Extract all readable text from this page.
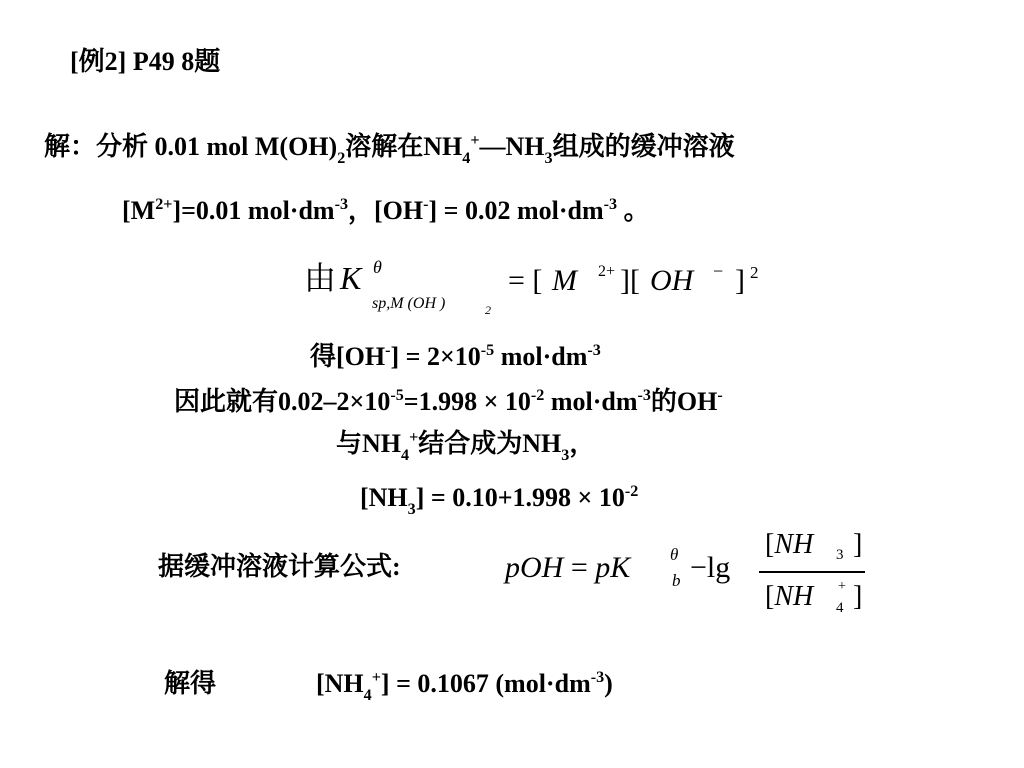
[例2] P49 8题
解：分析 0.01 mol $M(OH)_2$溶解在$NH_4^+—NH_3$组成的缓冲溶液
$[M^{2+}]=0.01$ $mol\cdot dm^{-3}$，[OH-] = 0.02 $mol\cdot dm^{-3}$ 。
由 K θ
sp,M (OH )	2
= [ M 2+ ][ OH − ] 2
得$[OH^-] = 2\times 10^{-5}$ $mol\cdot dm^{-3}$
因此就有$0.02-2\times 10^{-5}=1.998 \times 10^{-2}$ $mol\cdot dm^{-3}$的OH-
与$NH_4^+$结合成为$NH_3$，
$[NH_3] = 0.10+1.998 \times 10^{-2}$
据缓冲溶液计算公式:	pOH = pK θ
b −lg
[NH 3 ]
[NH +
4 ]
解得	$[NH_4^+] = 0.1067$ $(mol\cdot dm^{-3})$
